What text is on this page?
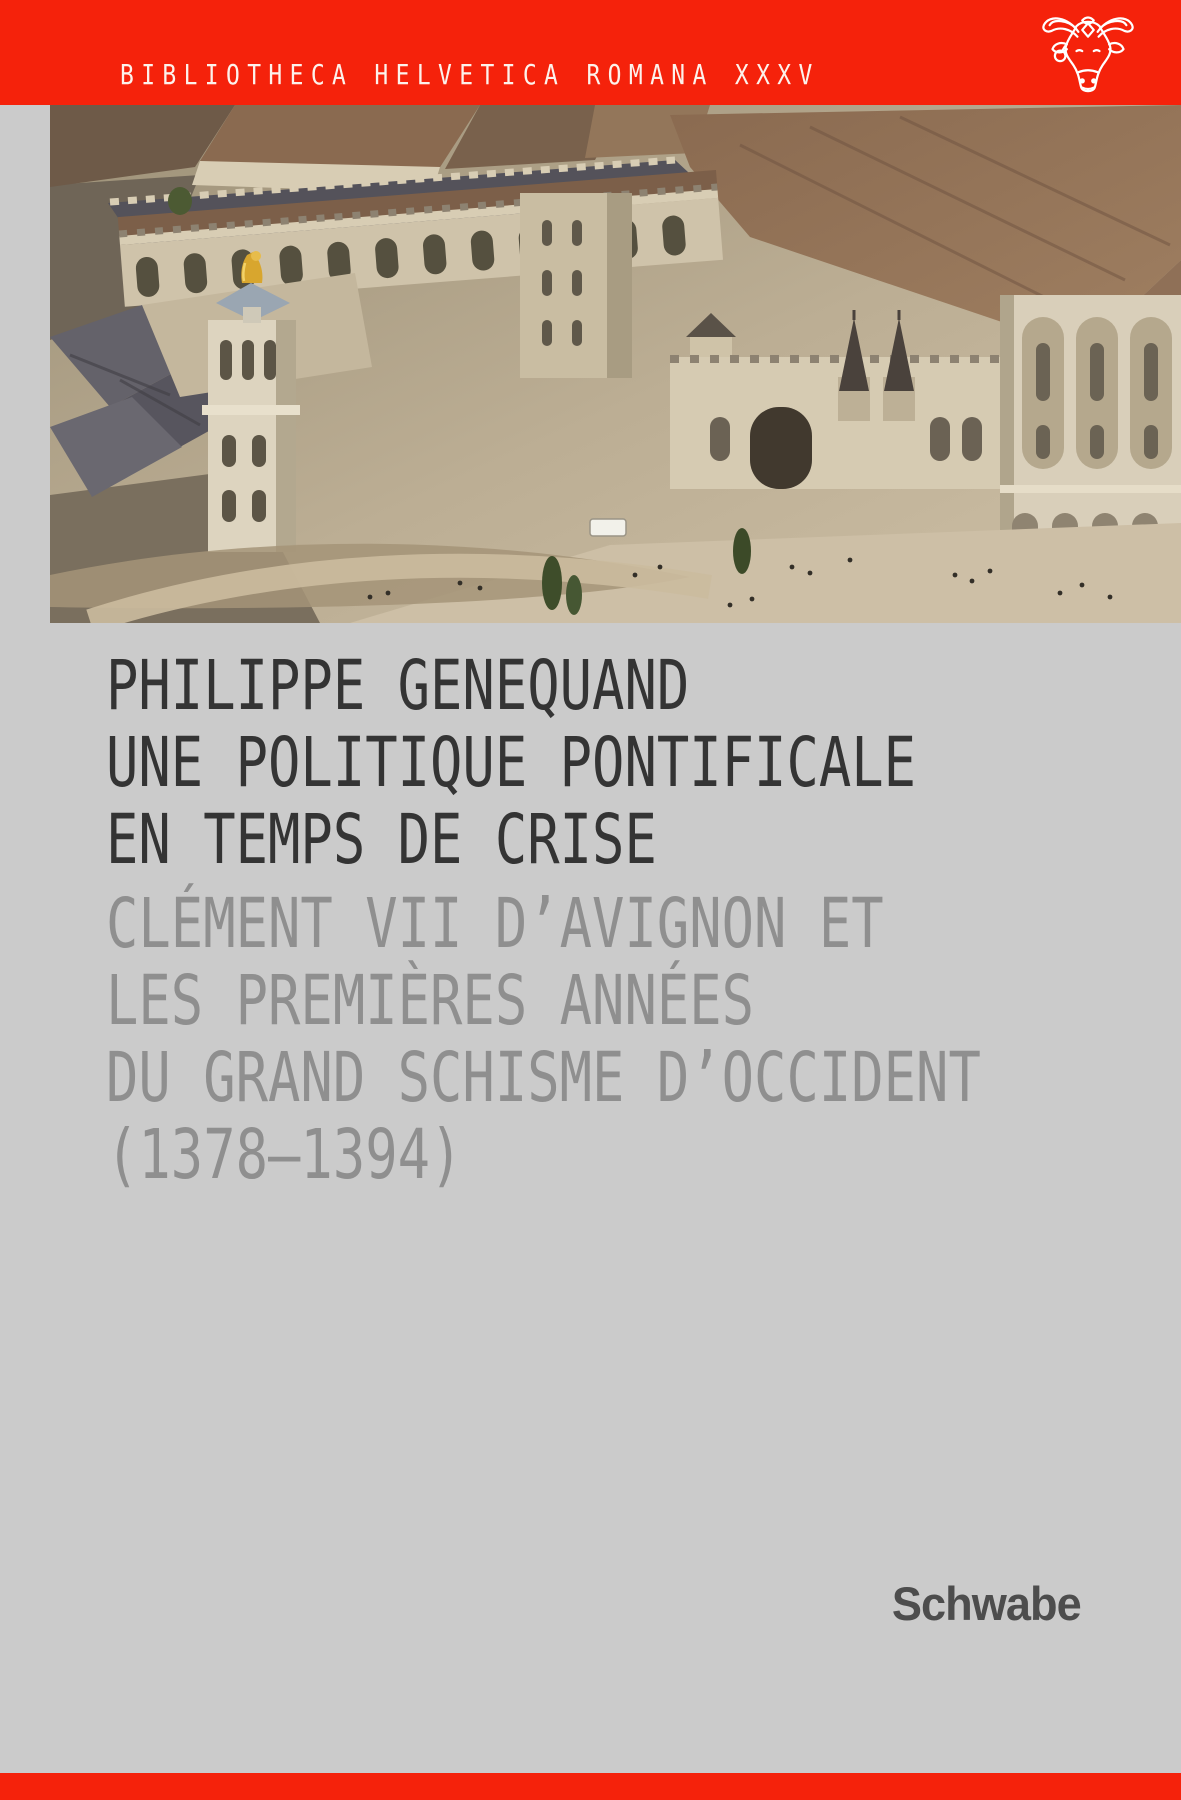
BIBLIOTHECA HELVETICA ROMANA XXXV

PHILIPPE GENEQUAND
UNE POLITIQUE PONTIFICALE
EN TEMPS DE CRISE
CLÉMENT VII D’AVIGNON ET
LES PREMIÈRES ANNÉES
DU GRAND SCHISME D’OCCIDENT
(1378–1394)

Schwabe
